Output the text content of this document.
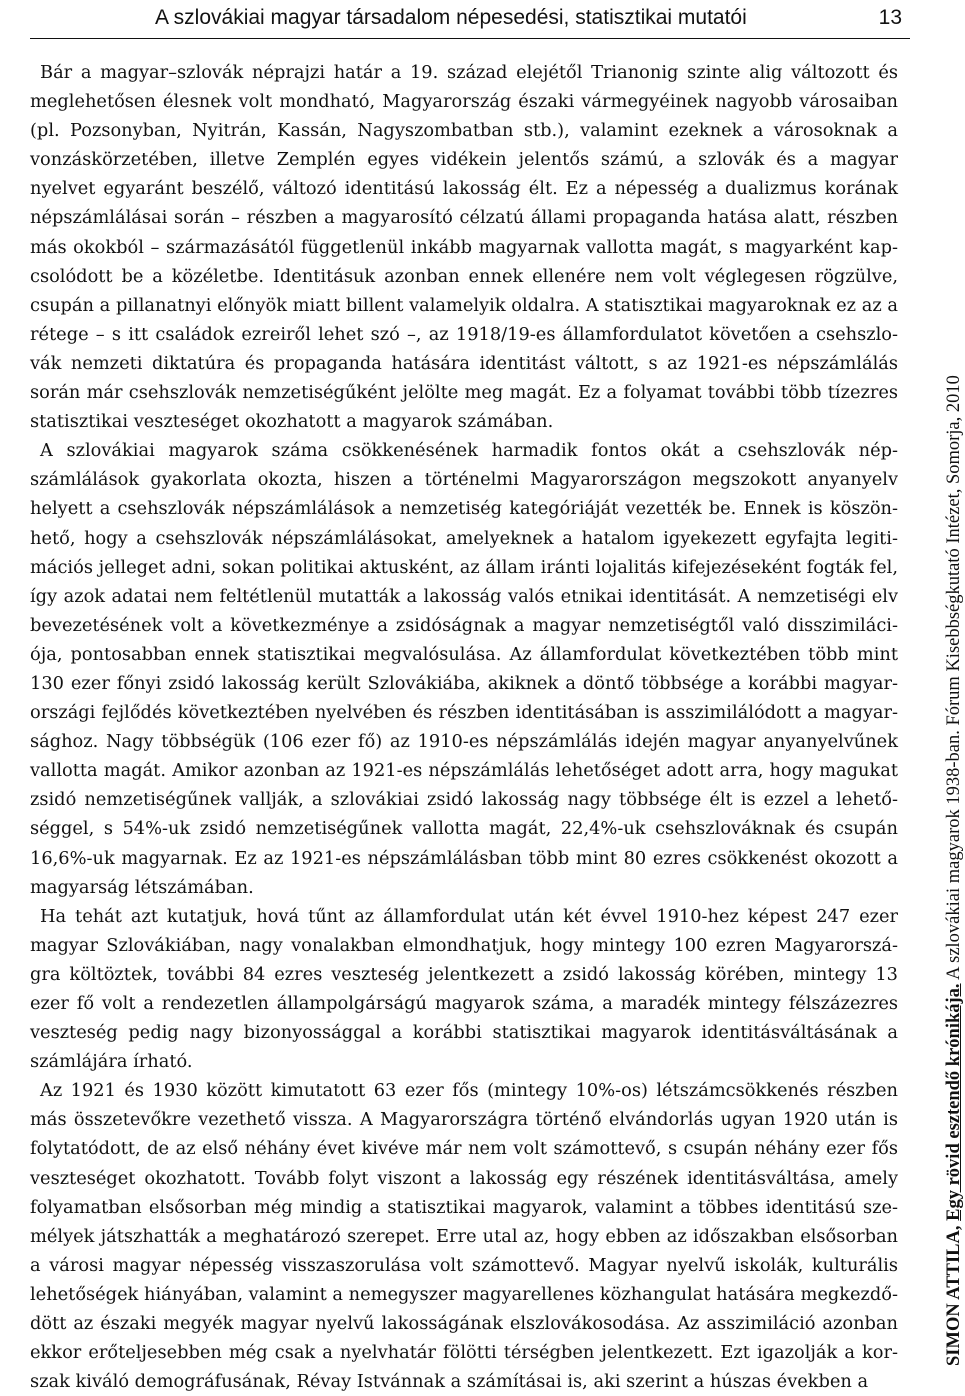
A szlovákiai magyar társadalom népesedési, statisztikai mutatói	13

Bár a magyar–szlovák néprajzi határ a 19. század elejétől Trianonig szinte alig változott és meglehetősen élesnek volt mondható, Magyarország északi vármegyéinek nagyobb városaiban (pl. Pozsonyban, Nyitrán, Kassán, Nagyszombatban stb.), valamint ezeknek a városoknak a vonzáskörzetében, illetve Zemplén egyes vidékein jelentős számú, a szlovák és a magyar nyelvet egyaránt beszélő, változó identitású lakosság élt. Ez a népesség a dualizmus korának népszámlálásai során – részben a magyarosító célzatú állami propaganda hatása alatt, részben más okokból – származásától függetlenül inkább magyarnak vallotta magát, s magyarként kapcsolódott be a közéletbe. Identitásuk azonban ennek ellenére nem volt véglegesen rögzülve, csupán a pillanatnyi előnyök miatt billent valamelyik oldalra. A statisztikai magyaroknak ez az a rétege – s itt családok ezreiről lehet szó –, az 1918/19-es államfordulatot követően a csehszlovák nemzeti diktatúra és propaganda hatására identitást váltott, s az 1921-es népszámlálás során már csehszlovák nemzetiségűként jelölte meg magát. Ez a folyamat további több tízezres statisztikai veszteséget okozhatott a magyarok számában.

A szlovákiai magyarok száma csökkenésének harmadik fontos okát a csehszlovák népszámlálások gyakorlata okozta, hiszen a történelmi Magyarországon megszokott anyanyelv helyett a csehszlovák népszámlálások a nemzetiség kategóriáját vezették be. Ennek is köszönhető, hogy a csehszlovák népszámlálásokat, amelyeknek a hatalom igyekezett egyfajta legitimációs jelleget adni, sokan politikai aktusként, az állam iránti lojalitás kifejezéseként fogták fel, így azok adatai nem feltétlenül mutatták a lakosság valós etnikai identitását. A nemzetiségi elv bevezetésének volt a következménye a zsidóságnak a magyar nemzetiségtől való disszimilációja, pontosabban ennek statisztikai megvalósulása. Az államfordulat következtében több mint 130 ezer főnyi zsidó lakosság került Szlovákiába, akiknek a döntő többsége a korábbi magyarországi fejlődés következtében nyelvében és részben identitásában is asszimilálódott a magyarsághoz. Nagy többségük (106 ezer fő) az 1910-es népszámlálás idején magyar anyanyelvűnek vallotta magát. Amikor azonban az 1921-es népszámlálás lehetőséget adott arra, hogy magukat zsidó nemzetiségűnek vallják, a szlovákiai zsidó lakosság nagy többsége élt is ezzel a lehetőséggel, s 54%-uk zsidó nemzetiségűnek vallotta magát, 22,4%-uk csehszlováknak és csupán 16,6%-uk magyarnak. Ez az 1921-es népszámlálásban több mint 80 ezres csökkenést okozott a magyarság létszámában.

Ha tehát azt kutatjuk, hová tűnt az államfordulat után két évvel 1910-hez képest 247 ezer magyar Szlovákiában, nagy vonalakban elmondhatjuk, hogy mintegy 100 ezren Magyarországra költöztek, további 84 ezres veszteség jelentkezett a zsidó lakosság körében, mintegy 13 ezer fő volt a rendezetlen állampolgárságú magyarok száma, a maradék mintegy félszázezres veszteség pedig nagy bizonyossággal a korábbi statisztikai magyarok identitásváltásának a számlájára írható.

Az 1921 és 1930 között kimutatott 63 ezer fős (mintegy 10%-os) létszámcsökkenés részben más összetevőkre vezethető vissza. A Magyarországra történő elvándorlás ugyan 1920 után is folytatódott, de az első néhány évet kivéve már nem volt számottevő, s csupán néhány ezer fős veszteséget okozhatott. Tovább folyt viszont a lakosság egy részének identitásváltása, amely folyamatban elsősorban még mindig a statisztikai magyarok, valamint a többes identitású személyek játszhatták a meghatározó szerepet. Erre utal az, hogy ebben az időszakban elsősorban a városi magyar népesség visszaszorulása volt számottevő. Magyar nyelvű iskolák, kulturális lehetőségek hiányában, valamint a nemegyszer magyarellenes közhangulat hatására megkezdődött az északi megyék magyar nyelvű lakosságának elszlovákosodása. Az asszimiláció azonban ekkor erőteljesebben még csak a nyelvhatár fölötti térségben jelentkezett. Ezt igazolják a korszak kiváló demográfusának, Révay Istvánnak a számításai is, aki szerint a húszas években a

SIMON ATTILA, Egy rövid esztendő krónikája. A szlovákiai magyarok 1938-ban. Fórum Kisebbségkutató Intézet, Somorja, 2010
